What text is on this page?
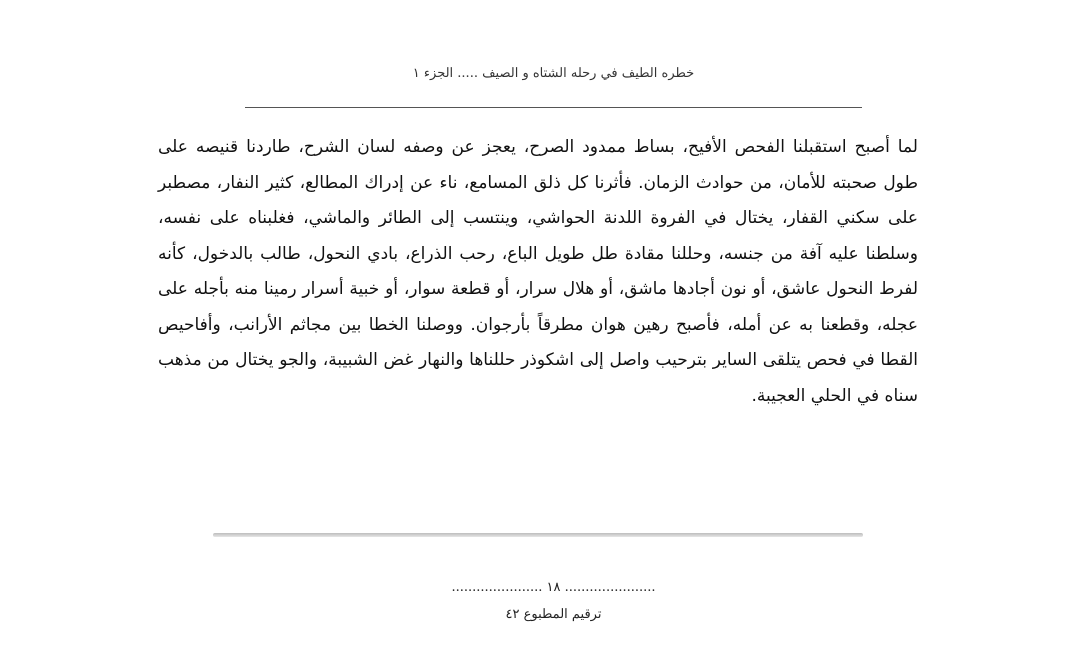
خطره الطيف في رحله الشتاه و الصيف ..... الجزء ١
لما أصبح استقبلنا الفحص الأفيح، بساط ممدود الصرح، يعجز عن وصفه لسان الشرح، طاردنا قنيصه على طول صحبته للأمان، من حوادث الزمان. فأثرنا كل ذلق المسامع، ناء عن إدراك المطالع، كثير النفار، مصطبر على سكني القفار، يختال في الفروة اللدنة الحواشي، وينتسب إلى الطائر والماشي، فغلبناه على نفسه، وسلطنا عليه آفة من جنسه، وحللنا مقادة طل طويل الباع، رحب الذراع، بادي النحول، طالب بالدخول، كأنه لفرط النحول عاشق، أو نون أجادها ماشق، أو هلال سرار، أو قطعة سوار، أو خبية أسرار رمينا منه بأجله على عجله، وقطعنا به عن أمله، فأصبح رهين هوان مطرقاً بأرجوان. ووصلنا الخطا بين مجاثم الأرانب، وأفاحيص القطا في فحص يتلقى الساير بترحيب واصل إلى اشكوذر حللناها والنهار غض الشبيبة، والجو يختال من مذهب سناه في الحلي العجيبة.
...................... ١٨ ......................
ترقيم المطبوع ٤٢
